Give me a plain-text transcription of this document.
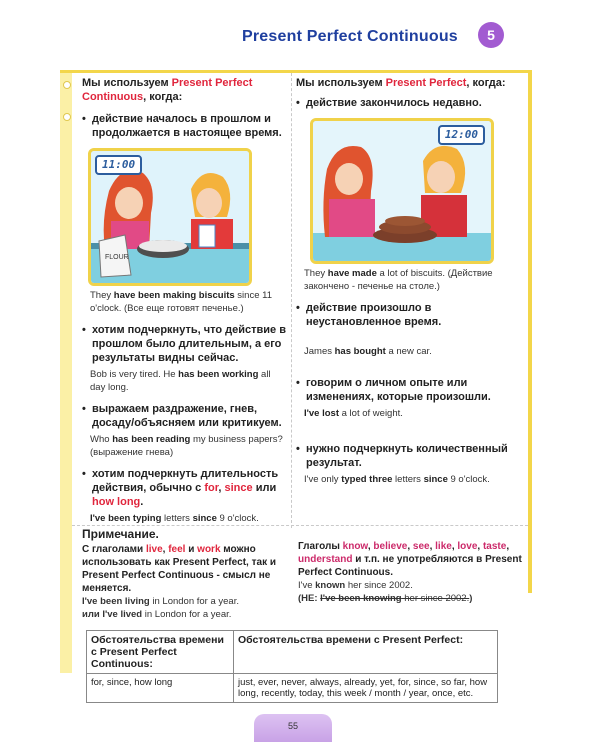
Present Perfect Continuous	5
Мы используем Present Perfect Continuous, когда:
• действие началось в прошлом и продолжается в настоящее время.
FLOUR
11:00
They have been making biscuits since 11 o'clock. (Все еще готовят печенье.)
• хотим подчеркнуть, что действие в прошлом было длительным, а его результаты видны сейчас.
Bob is very tired. He has been working all day long.
• выражаем раздражение, гнев, досаду/объясняем или критикуем.
Who has been reading my business papers? (выражение гнева)
• хотим подчеркнуть длительность действия, обычно с for, since или how long.
I've been typing letters since 9 o'clock.
Мы используем Present Perfect, когда:
• действие закончилось недавно.
12:00
They have made a lot of biscuits. (Действие закончено - печенье на столе.)
• действие произошло в неустановленное время.
James has bought a new car.
• говорим о личном опыте или изменениях, которые произошли.
I've lost a lot of weight.
• нужно подчеркнуть количественный результат.
I've only typed three letters since 9 o'clock.
Примечание.
С глаголами live, feel и work можно использовать как Present Perfect, так и Present Perfect Continuous - смысл не меняется.
I've been living in London for a year.
или I've lived in London for a year.
Глаголы know, believe, see, like, love, taste, understand и т.п. не употребляются в Present Perfect Continuous.
I've known her since 2002.
(НЕ: I've been knowing her since 2002.)
Обстоятельства времени с Present Perfect Continuous:	Обстоятельства времени с Present Perfect:
for, since, how long	just, ever, never, always, already, yet, for, since, so far, how long, recently, today, this week / month / year, once, etc.
55
